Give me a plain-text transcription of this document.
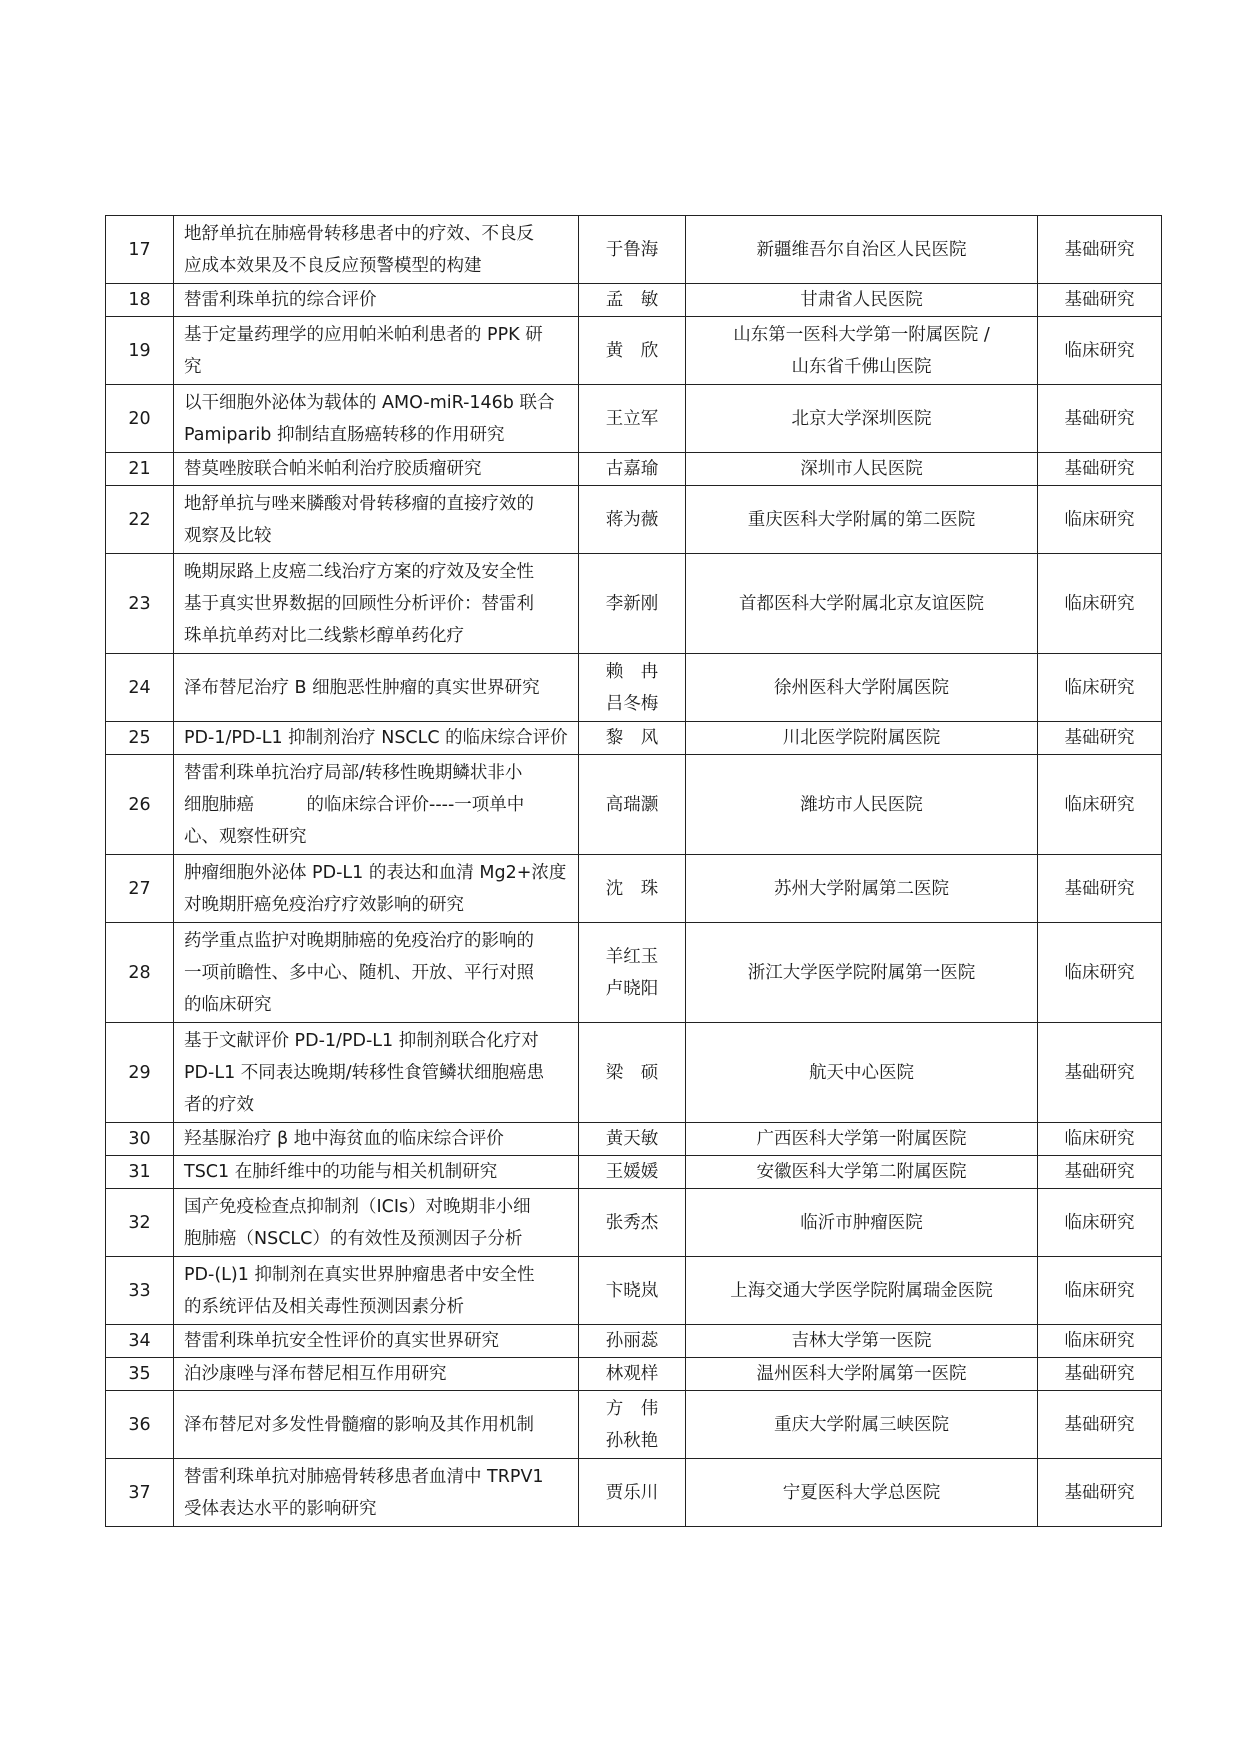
17	地舒单抗在肺癌骨转移患者中的疗效、不良反
应成本效果及不良反应预警模型的构建	于鲁海	新疆维吾尔自治区人民医院	基础研究
18	替雷利珠单抗的综合评价	孟　敏	甘肃省人民医院	基础研究
19	基于定量药理学的应用帕米帕利患者的 PPK 研
究	黄　欣	山东第一医科大学第一附属医院 /
山东省千佛山医院	临床研究
20	以干细胞外泌体为载体的 AMO-miR-146b 联合
Pamiparib 抑制结直肠癌转移的作用研究	王立军	北京大学深圳医院	基础研究
21	替莫唑胺联合帕米帕利治疗胶质瘤研究	古嘉瑜	深圳市人民医院	基础研究
22	地舒单抗与唑来膦酸对骨转移瘤的直接疗效的
观察及比较	蒋为薇	重庆医科大学附属的第二医院	临床研究
23	晚期尿路上皮癌二线治疗方案的疗效及安全性
基于真实世界数据的回顾性分析评价：替雷利
珠单抗单药对比二线紫杉醇单药化疗	李新刚	首都医科大学附属北京友谊医院	临床研究
24	泽布替尼治疗 B 细胞恶性肿瘤的真实世界研究	赖　冉
吕冬梅	徐州医科大学附属医院	临床研究
25	PD-1/PD-L1 抑制剂治疗 NSCLC 的临床综合评价	黎　风	川北医学院附属医院	基础研究
26	替雷利珠单抗治疗局部/转移性晚期鳞状非小
细胞肺癌　　　的临床综合评价----一项单中
心、观察性研究	高瑞灏	潍坊市人民医院	临床研究
27	肿瘤细胞外泌体 PD-L1 的表达和血清 Mg2+浓度
对晚期肝癌免疫治疗疗效影响的研究	沈　珠	苏州大学附属第二医院	基础研究
28	药学重点监护对晚期肺癌的免疫治疗的影响的
一项前瞻性、多中心、随机、开放、平行对照
的临床研究	羊红玉
卢晓阳	浙江大学医学院附属第一医院	临床研究
29	基于文献评价 PD-1/PD-L1 抑制剂联合化疗对
PD-L1 不同表达晚期/转移性食管鳞状细胞癌患
者的疗效	梁　硕	航天中心医院	基础研究
30	羟基脲治疗 β 地中海贫血的临床综合评价	黄天敏	广西医科大学第一附属医院	临床研究
31	TSC1 在肺纤维中的功能与相关机制研究	王媛媛	安徽医科大学第二附属医院	基础研究
32	国产免疫检查点抑制剂（ICIs）对晚期非小细
胞肺癌（NSCLC）的有效性及预测因子分析	张秀杰	临沂市肿瘤医院	临床研究
33	PD-(L)1 抑制剂在真实世界肿瘤患者中安全性
的系统评估及相关毒性预测因素分析	卞晓岚	上海交通大学医学院附属瑞金医院	临床研究
34	替雷利珠单抗安全性评价的真实世界研究	孙丽蕊	吉林大学第一医院	临床研究
35	泊沙康唑与泽布替尼相互作用研究	林观样	温州医科大学附属第一医院	基础研究
36	泽布替尼对多发性骨髓瘤的影响及其作用机制	方　伟
孙秋艳	重庆大学附属三峡医院	基础研究
37	替雷利珠单抗对肺癌骨转移患者血清中 TRPV1
受体表达水平的影响研究	贾乐川	宁夏医科大学总医院	基础研究
